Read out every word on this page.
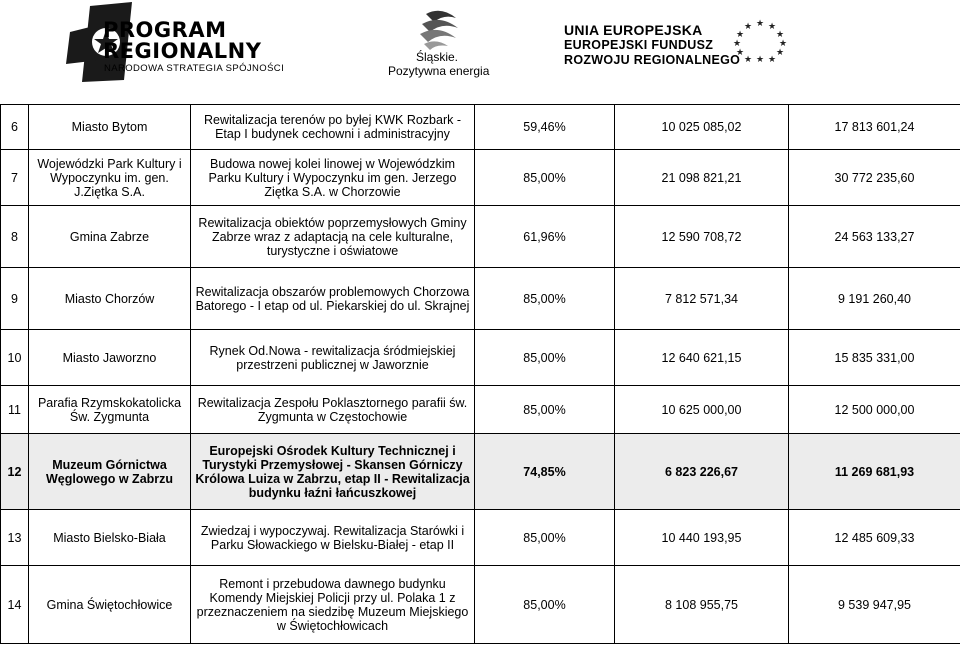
PROGRAM
REGIONALNY
NARODOWA STRATEGIA SPÓJNOŚCI
Śląskie.
Pozytywna energia
UNIA EUROPEJSKA
EUROPEJSKI FUNDUSZ
ROZWOJU REGIONALNEGO
★ ★
★
★
★
★
★
★
★
★
★
★
6	Miasto Bytom	Rewitalizacja terenów po byłej KWK Rozbark - Etap I budynek cechowni i administracyjny	59,46%	10 025 085,02	17 813 601,24
7	Wojewódzki Park Kultury i Wypoczynku im. gen. J.Ziętka S.A.	Budowa nowej kolei linowej w Wojewódzkim Parku Kultury i Wypoczynku im gen. Jerzego Ziętka S.A. w Chorzowie	85,00%	21 098 821,21	30 772 235,60
8	Gmina Zabrze	Rewitalizacja obiektów poprzemysłowych Gminy Zabrze wraz z adaptacją na cele kulturalne, turystyczne i oświatowe	61,96%	12 590 708,72	24 563 133,27
9	Miasto Chorzów	Rewitalizacja obszarów problemowych Chorzowa Batorego - I etap od ul. Piekarskiej do ul. Skrajnej	85,00%	7 812 571,34	9 191 260,40
10	Miasto Jaworzno	Rynek Od.Nowa - rewitalizacja śródmiejskiej przestrzeni publicznej w Jaworznie	85,00%	12 640 621,15	15 835 331,00
11	Parafia Rzymskokatolicka Św. Zygmunta	Rewitalizacja Zespołu Poklasztornego parafii św. Zygmunta w Częstochowie	85,00%	10 625 000,00	12 500 000,00
12	Muzeum Górnictwa Węglowego w Zabrzu	Europejski Ośrodek Kultury Technicznej i Turystyki Przemysłowej - Skansen Górniczy Królowa Luiza w Zabrzu, etap II - Rewitalizacja budynku łaźni łańcuszkowej	74,85%	6 823 226,67	11 269 681,93
13	Miasto Bielsko-Biała	Zwiedzaj i wypoczywaj. Rewitalizacja Starówki i Parku Słowackiego w Bielsku-Białej - etap II	85,00%	10 440 193,95	12 485 609,33
14	Gmina Świętochłowice	Remont i przebudowa dawnego budynku Komendy Miejskiej Policji przy ul. Polaka 1 z przeznaczeniem na siedzibę Muzeum Miejskiego w Świętochłowicach	85,00%	8 108 955,75	9 539 947,95
